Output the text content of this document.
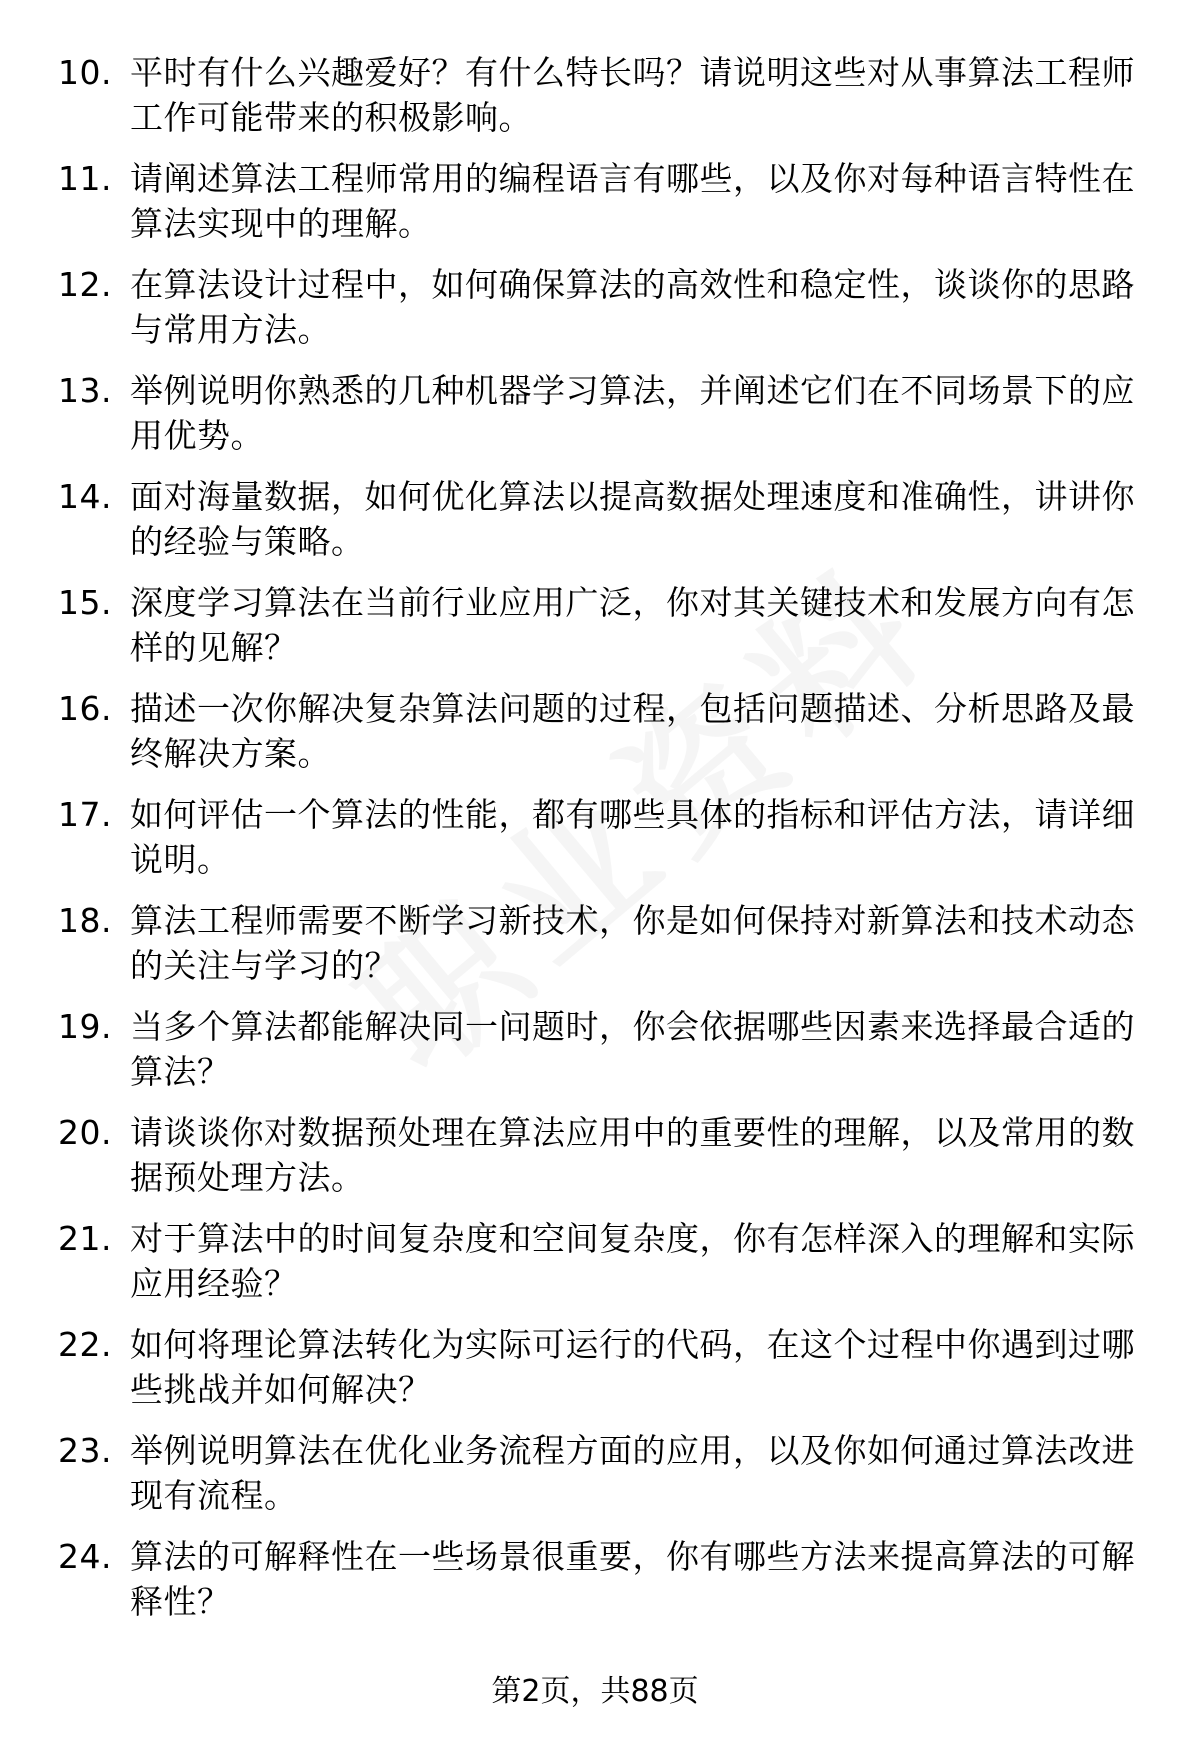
10. 平时有什么兴趣爱好？有什么特长吗？请说明这些对从事算法工程师工作可能带来的积极影响。
11. 请阐述算法工程师常用的编程语言有哪些，以及你对每种语言特性在算法实现中的理解。
12. 在算法设计过程中，如何确保算法的高效性和稳定性，谈谈你的思路与常用方法。
13. 举例说明你熟悉的几种机器学习算法，并阐述它们在不同场景下的应用优势。
14. 面对海量数据，如何优化算法以提高数据处理速度和准确性，讲讲你的经验与策略。
15. 深度学习算法在当前行业应用广泛，你对其关键技术和发展方向有怎样的见解？
16. 描述一次你解决复杂算法问题的过程，包括问题描述、分析思路及最终解决方案。
17. 如何评估一个算法的性能，都有哪些具体的指标和评估方法，请详细说明。
18. 算法工程师需要不断学习新技术，你是如何保持对新算法和技术动态的关注与学习的？
19. 当多个算法都能解决同一问题时，你会依据哪些因素来选择最合适的算法？
20. 请谈谈你对数据预处理在算法应用中的重要性的理解，以及常用的数据预处理方法。
21. 对于算法中的时间复杂度和空间复杂度，你有怎样深入的理解和实际应用经验？
22. 如何将理论算法转化为实际可运行的代码，在这个过程中你遇到过哪些挑战并如何解决？
23. 举例说明算法在优化业务流程方面的应用，以及你如何通过算法改进现有流程。
24. 算法的可解释性在一些场景很重要，你有哪些方法来提高算法的可解释性？
第2页，共88页
